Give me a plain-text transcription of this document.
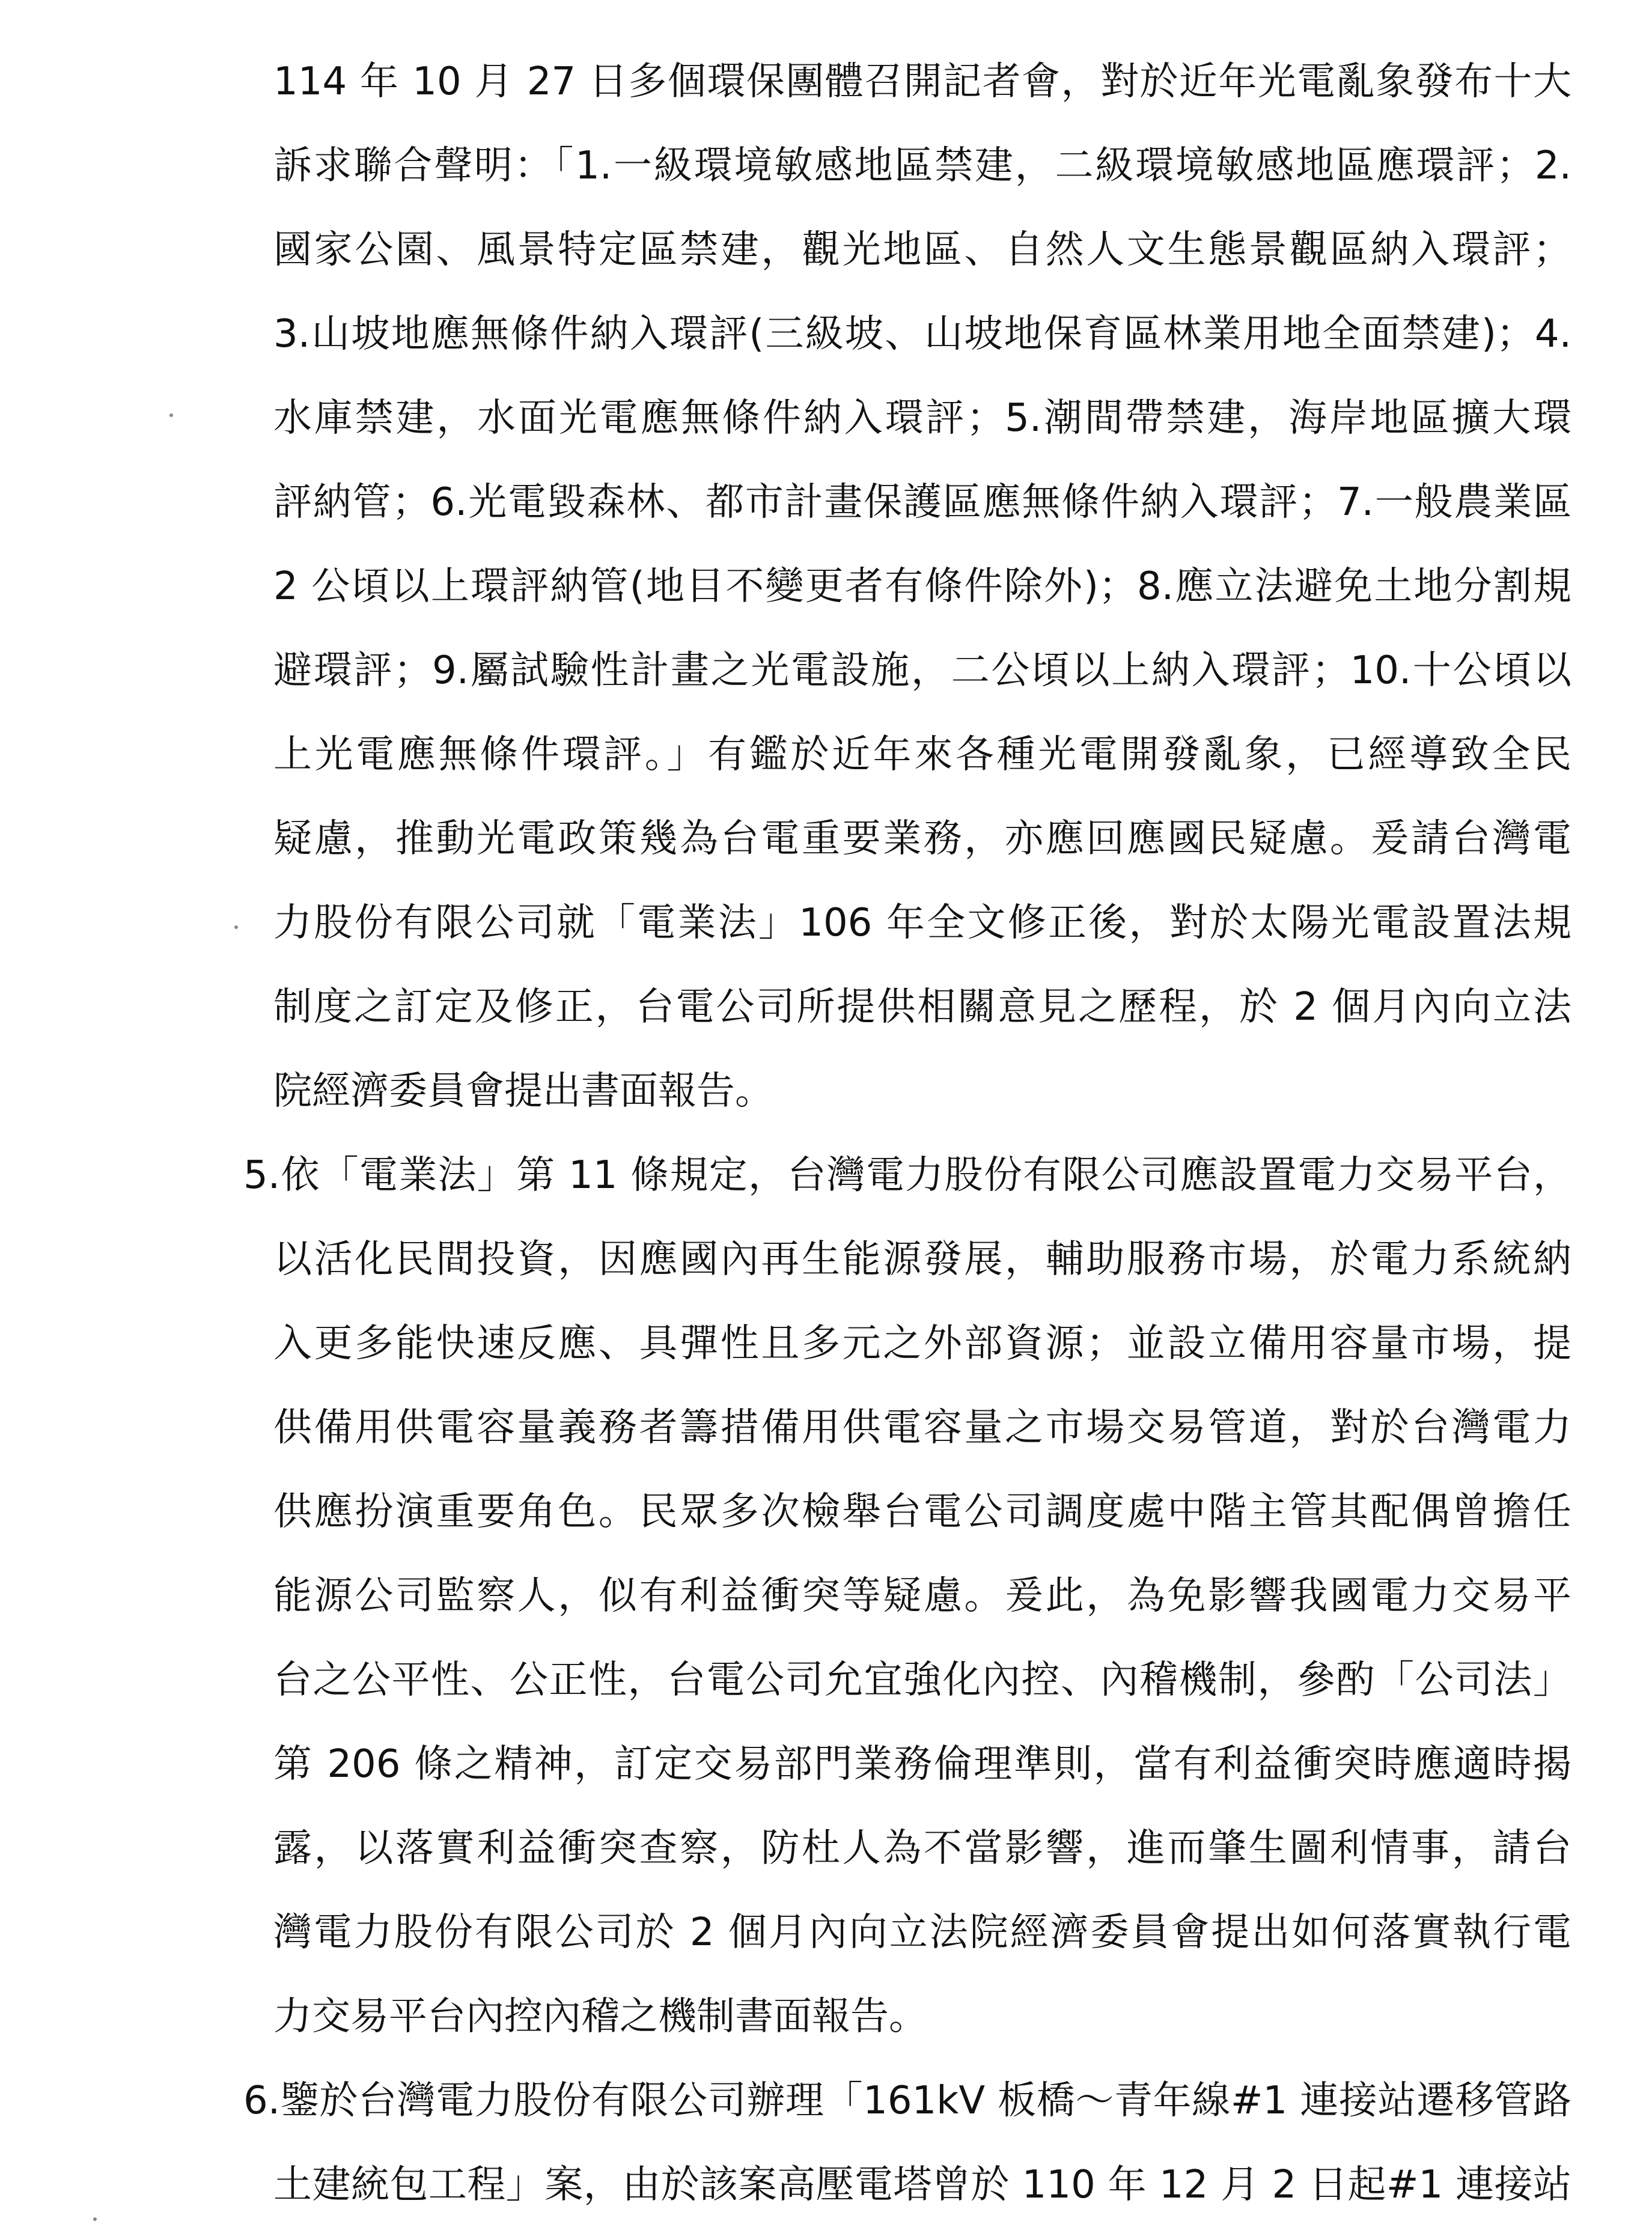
114 年 10 月 27 日多個環保團體召開記者會，對於近年光電亂象發布十大
訴求聯合聲明：「1.一級環境敏感地區禁建，二級環境敏感地區應環評；2.
國家公園、風景特定區禁建，觀光地區、自然人文生態景觀區納入環評；
3.山坡地應無條件納入環評(三級坡、山坡地保育區林業用地全面禁建)；4.
水庫禁建，水面光電應無條件納入環評；5.潮間帶禁建，海岸地區擴大環
評納管；6.光電毀森林、都市計畫保護區應無條件納入環評；7.一般農業區
2 公頃以上環評納管(地目不變更者有條件除外)；8.應立法避免土地分割規
避環評；9.屬試驗性計畫之光電設施，二公頃以上納入環評；10.十公頃以
上光電應無條件環評。」有鑑於近年來各種光電開發亂象，已經導致全民
疑慮，推動光電政策幾為台電重要業務，亦應回應國民疑慮。爰請台灣電
力股份有限公司就「電業法」106 年全文修正後，對於太陽光電設置法規
制度之訂定及修正，台電公司所提供相關意見之歷程，於 2 個月內向立法
院經濟委員會提出書面報告。
5.依「電業法」第 11 條規定，台灣電力股份有限公司應設置電力交易平台，
以活化民間投資，因應國內再生能源發展，輔助服務市場，於電力系統納
入更多能快速反應、具彈性且多元之外部資源；並設立備用容量市場，提
供備用供電容量義務者籌措備用供電容量之市場交易管道，對於台灣電力
供應扮演重要角色。民眾多次檢舉台電公司調度處中階主管其配偶曾擔任
能源公司監察人，似有利益衝突等疑慮。爰此，為免影響我國電力交易平
台之公平性、公正性，台電公司允宜強化內控、內稽機制，參酌「公司法」
第 206 條之精神，訂定交易部門業務倫理準則，當有利益衝突時應適時揭
露，以落實利益衝突查察，防杜人為不當影響，進而肇生圖利情事，請台
灣電力股份有限公司於 2 個月內向立法院經濟委員會提出如何落實執行電
力交易平台內控內稽之機制書面報告。
6.鑒於台灣電力股份有限公司辦理「161kV 板橋～青年線#1 連接站遷移管路
土建統包工程」案，由於該案高壓電塔曾於 110 年 12 月 2 日起#1 連接站
